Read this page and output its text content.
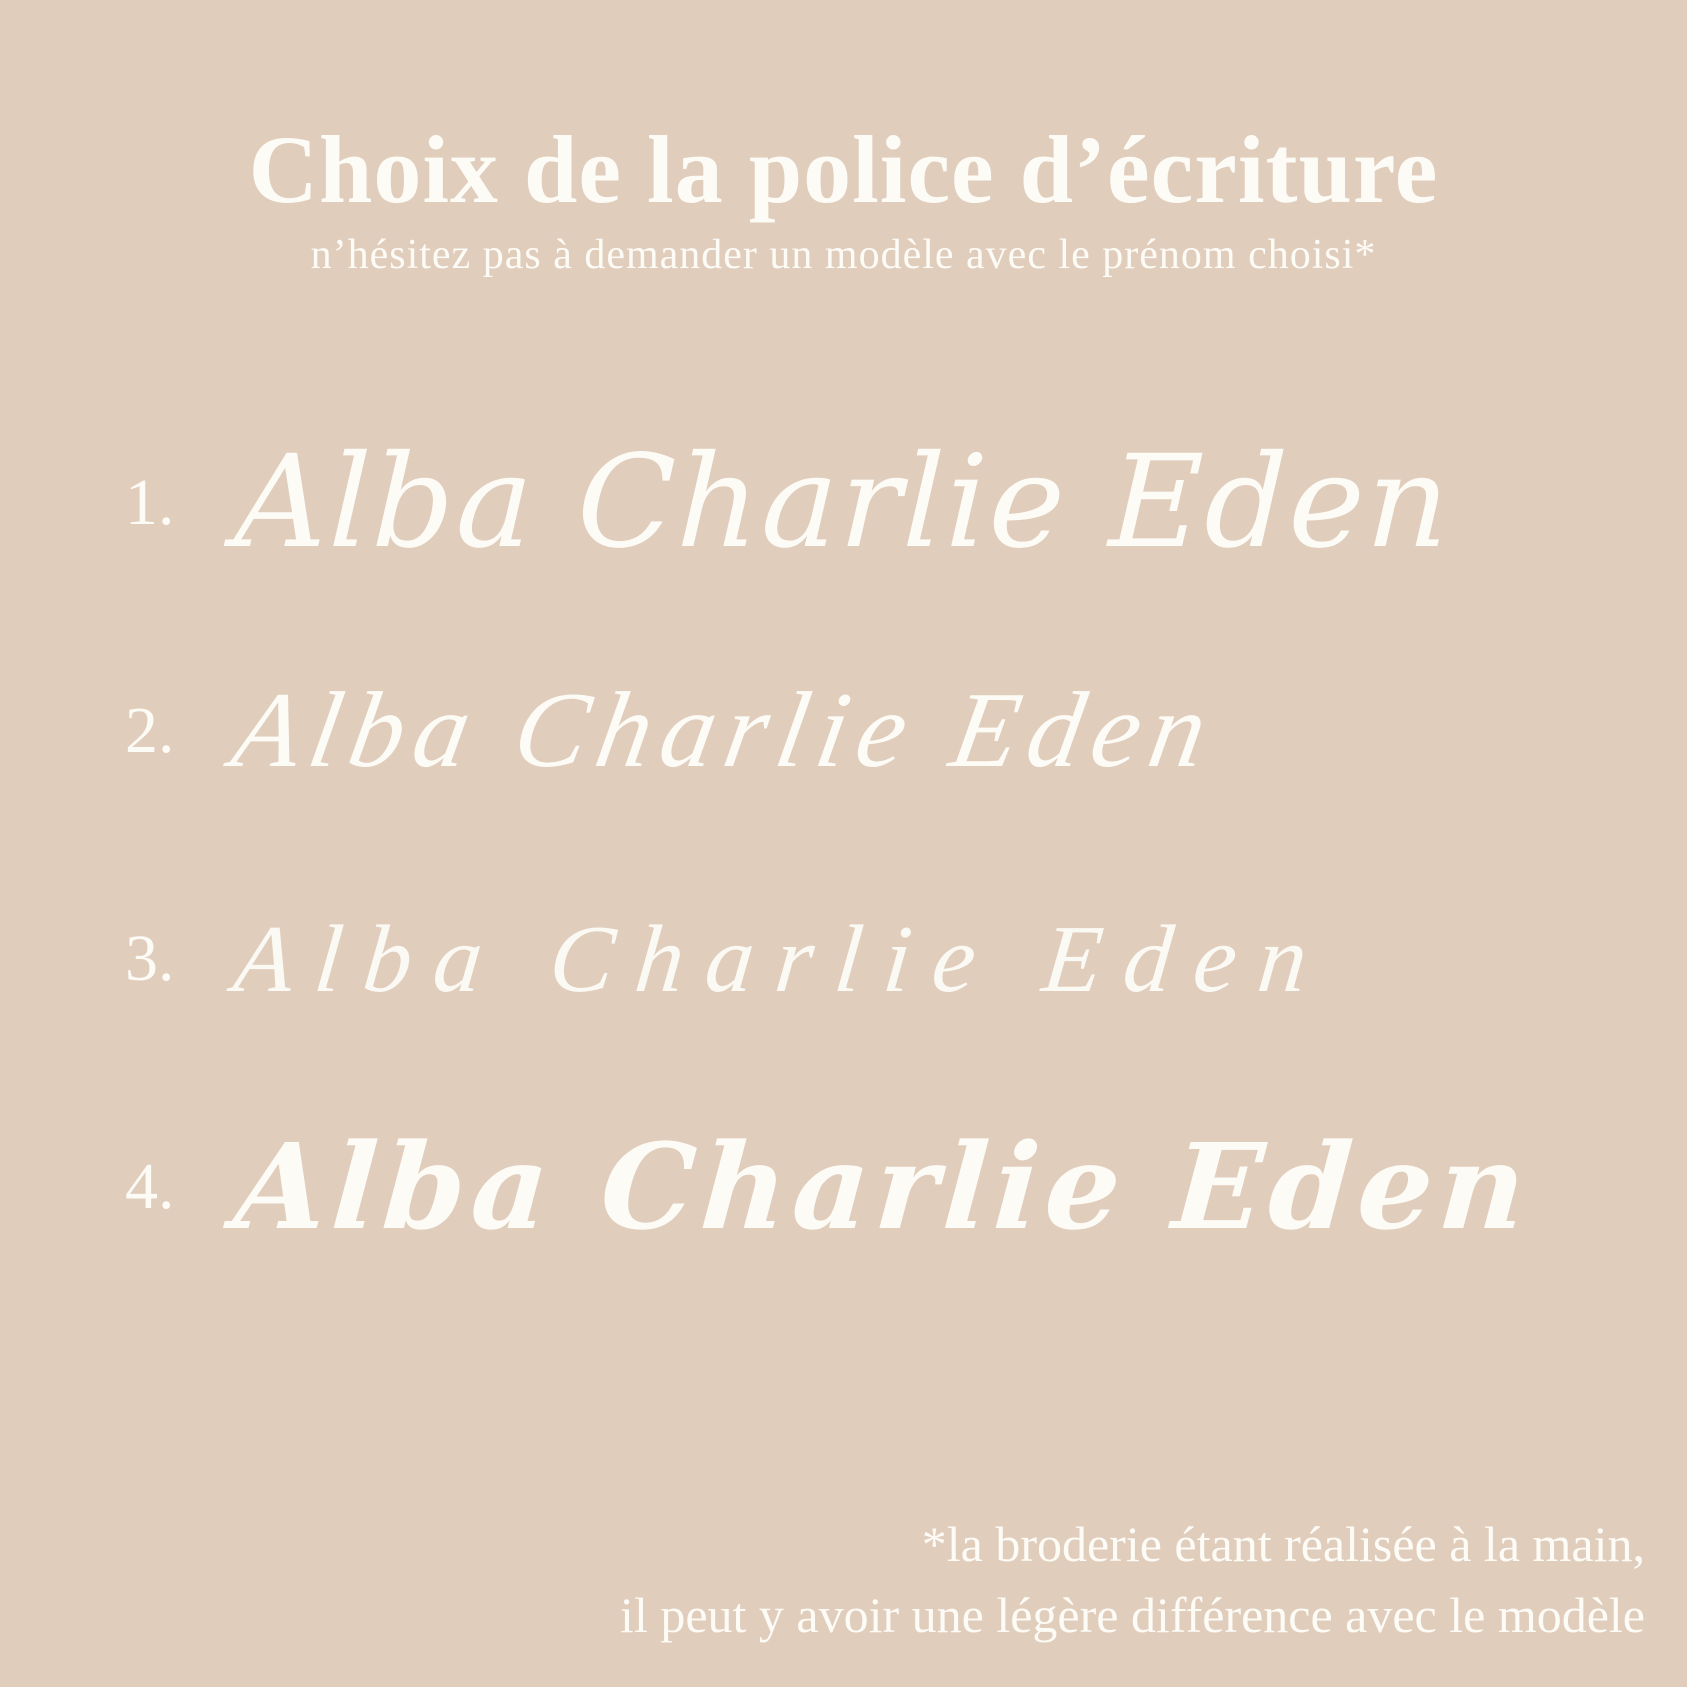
Choix de la police d’écriture

n’hésitez pas à demander un modèle avec le prénom choisi*

1. Alba Charlie Eden
2. Alba Charlie Eden
3. Alba Charlie Eden
4. Alba Charlie Eden
*la broderie étant réalisée à la main,
il peut y avoir une légère différence avec le modèle
